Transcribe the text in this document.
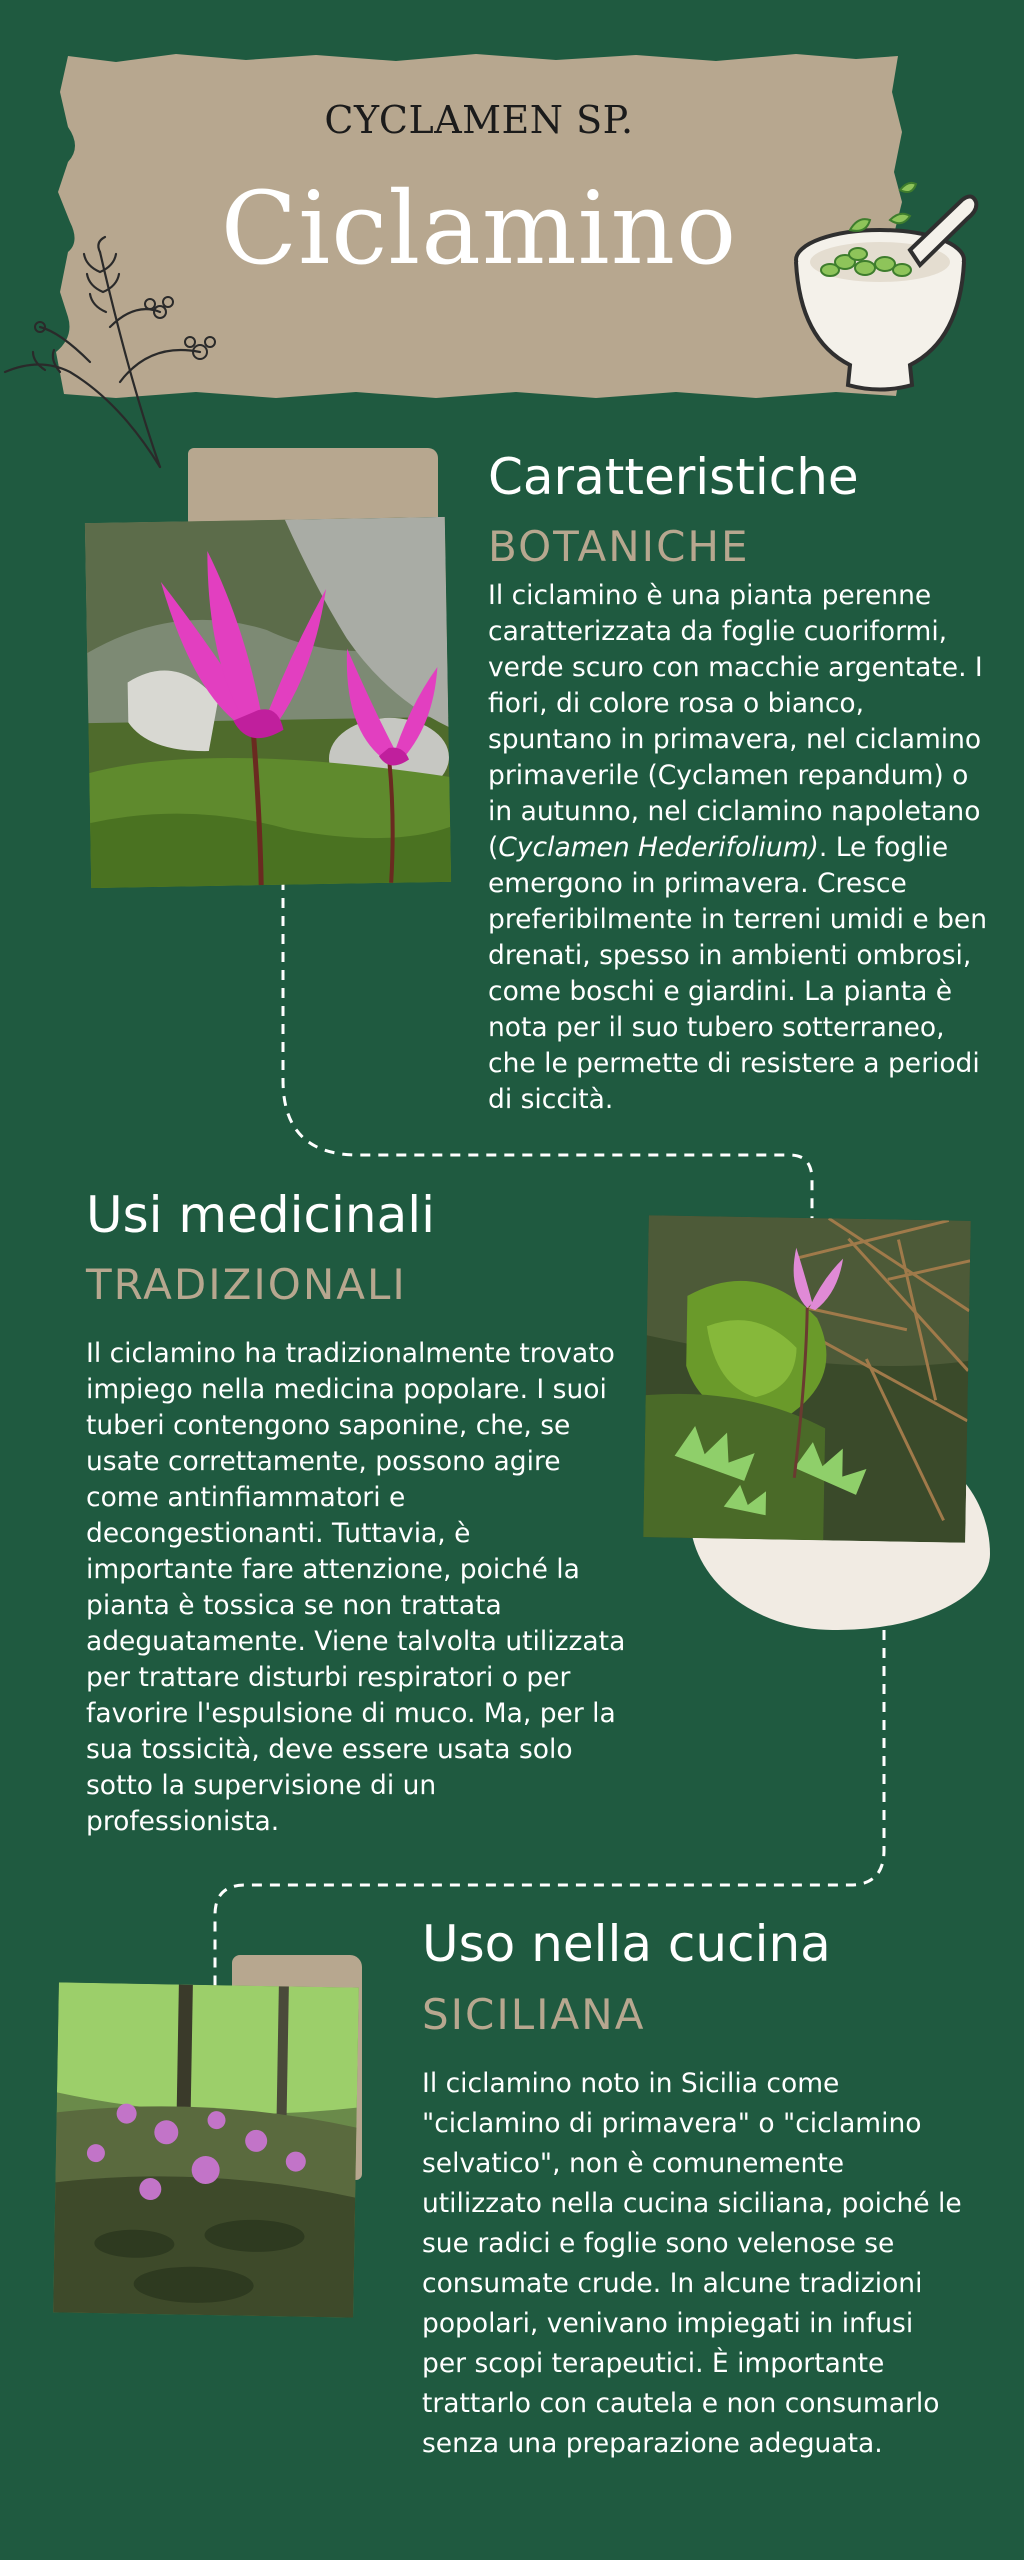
CYCLAMEN SP.
Ciclamino
Caratteristiche
BOTANICHE
Il ciclamino è una pianta perenne caratterizzata da foglie cuoriformi, verde scuro con macchie argentate. I fiori, di colore rosa o bianco, spuntano in primavera, nel ciclamino primaverile (Cyclamen repandum) o in autunno, nel ciclamino napoletano (Cyclamen Hederifolium). Le foglie emergono in primavera. Cresce preferibilmente in terreni umidi e ben drenati, spesso in ambienti ombrosi, come boschi e giardini. La pianta è nota per il suo tubero sotterraneo, che le permette di resistere a periodi di siccità.
Usi medicinali
TRADIZIONALI
Il ciclamino ha tradizionalmente trovato impiego nella medicina popolare. I suoi tuberi contengono saponine, che, se usate correttamente, possono agire come antinfiammatori e decongestionanti. Tuttavia, è importante fare attenzione, poiché la pianta è tossica se non trattata adeguatamente. Viene talvolta utilizzata per trattare disturbi respiratori o per favorire l'espulsione di muco. Ma, per la sua tossicità, deve essere usata solo sotto la supervisione di un professionista.
Uso nella cucina
SICILIANA
Il ciclamino noto in Sicilia come "ciclamino di primavera" o "ciclamino selvatico", non è comunemente utilizzato nella cucina siciliana, poiché le sue radici e foglie sono velenose se consumate crude. In alcune tradizioni popolari, venivano impiegati in infusi per scopi terapeutici. È importante trattarlo con cautela e non consumarlo senza una preparazione adeguata.
